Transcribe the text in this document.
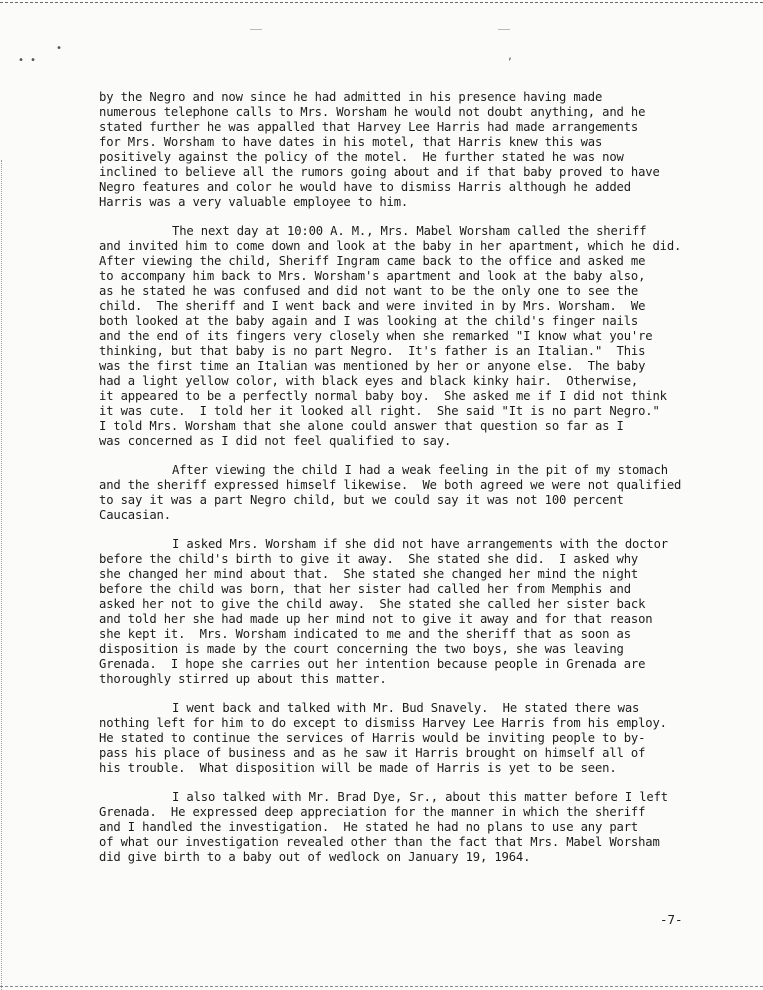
• •
•
‾‾	‾‾
‚

by the Negro and now since he had admitted in his presence having made
numerous telephone calls to Mrs. Worsham he would not doubt anything, and he
stated further he was appalled that Harvey Lee Harris had made arrangements
for Mrs. Worsham to have dates in his motel, that Harris knew this was
positively against the policy of the motel.  He further stated he was now
inclined to believe all the rumors going about and if that baby proved to have
Negro features and color he would have to dismiss Harris although he added
Harris was a very valuable employee to him.

The next day at 10:00 A. M., Mrs. Mabel Worsham called the sheriff
and invited him to come down and look at the baby in her apartment, which he did.
After viewing the child, Sheriff Ingram came back to the office and asked me
to accompany him back to Mrs. Worsham's apartment and look at the baby also,
as he stated he was confused and did not want to be the only one to see the
child.  The sheriff and I went back and were invited in by Mrs. Worsham.  We
both looked at the baby again and I was looking at the child's finger nails
and the end of its fingers very closely when she remarked "I know what you're
thinking, but that baby is no part Negro.  It's father is an Italian."  This
was the first time an Italian was mentioned by her or anyone else.  The baby
had a light yellow color, with black eyes and black kinky hair.  Otherwise,
it appeared to be a perfectly normal baby boy.  She asked me if I did not think
it was cute.  I told her it looked all right.  She said "It is no part Negro."
I told Mrs. Worsham that she alone could answer that question so far as I
was concerned as I did not feel qualified to say.

After viewing the child I had a weak feeling in the pit of my stomach
and the sheriff expressed himself likewise.  We both agreed we were not qualified
to say it was a part Negro child, but we could say it was not 100 percent
Caucasian.

I asked Mrs. Worsham if she did not have arrangements with the doctor
before the child's birth to give it away.  She stated she did.  I asked why
she changed her mind about that.  She stated she changed her mind the night
before the child was born, that her sister had called her from Memphis and
asked her not to give the child away.  She stated she called her sister back
and told her she had made up her mind not to give it away and for that reason
she kept it.  Mrs. Worsham indicated to me and the sheriff that as soon as
disposition is made by the court concerning the two boys, she was leaving
Grenada.  I hope she carries out her intention because people in Grenada are
thoroughly stirred up about this matter.

I went back and talked with Mr. Bud Snavely.  He stated there was
nothing left for him to do except to dismiss Harvey Lee Harris from his employ.
He stated to continue the services of Harris would be inviting people to by-
pass his place of business and as he saw it Harris brought on himself all of
his trouble.  What disposition will be made of Harris is yet to be seen.

I also talked with Mr. Brad Dye, Sr., about this matter before I left
Grenada.  He expressed deep appreciation for the manner in which the sheriff
and I handled the investigation.  He stated he had no plans to use any part
of what our investigation revealed other than the fact that Mrs. Mabel Worsham
did give birth to a baby out of wedlock on January 19, 1964.

-7-
